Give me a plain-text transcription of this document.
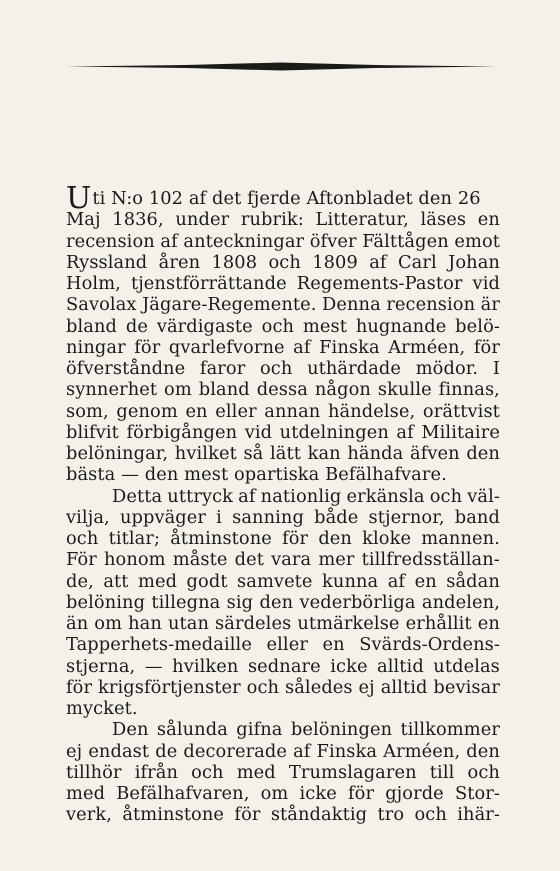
Uti N:o 102 af det fjerde Aftonbladet den 26
Maj 1836, under rubrik: Litteratur, läses en
recension af anteckningar öfver Fälttågen emot
Ryssland åren 1808 och 1809 af Carl Johan
Holm, tjenstförrättande Regements-Pastor vid
Savolax Jägare-Regemente. Denna recension är
bland de värdigaste och mest hugnande belö-
ningar för qvarlefvorne af Finska Arméen, för
öfverståndne faror och uthärdade mödor. I
synnerhet om bland dessa någon skulle finnas,
som, genom en eller annan händelse, orättvist
blifvit förbigången vid utdelningen af Militaire
belöningar, hvilket så lätt kan hända äfven den
bästa — den mest opartiska Befälhafvare.
Detta uttryck af nationlig erkänsla och väl-
vilja, uppväger i sanning både stjernor, band
och titlar; åtminstone för den kloke mannen.
För honom måste det vara mer tillfredsställan-
de, att med godt samvete kunna af en sådan
belöning tillegna sig den vederbörliga andelen,
än om han utan särdeles utmärkelse erhållit en
Tapperhets-medaille eller en Svärds-Ordens-
stjerna, — hvilken sednare icke alltid utdelas
för krigsförtjenster och således ej alltid bevisar
mycket.
Den sålunda gifna belöningen tillkommer
ej endast de decorerade af Finska Arméen, den
tillhör ifrån och med Trumslagaren till och
med Befälhafvaren, om icke för gjorde Stor-
verk, åtminstone för ståndaktig tro och ihär-
